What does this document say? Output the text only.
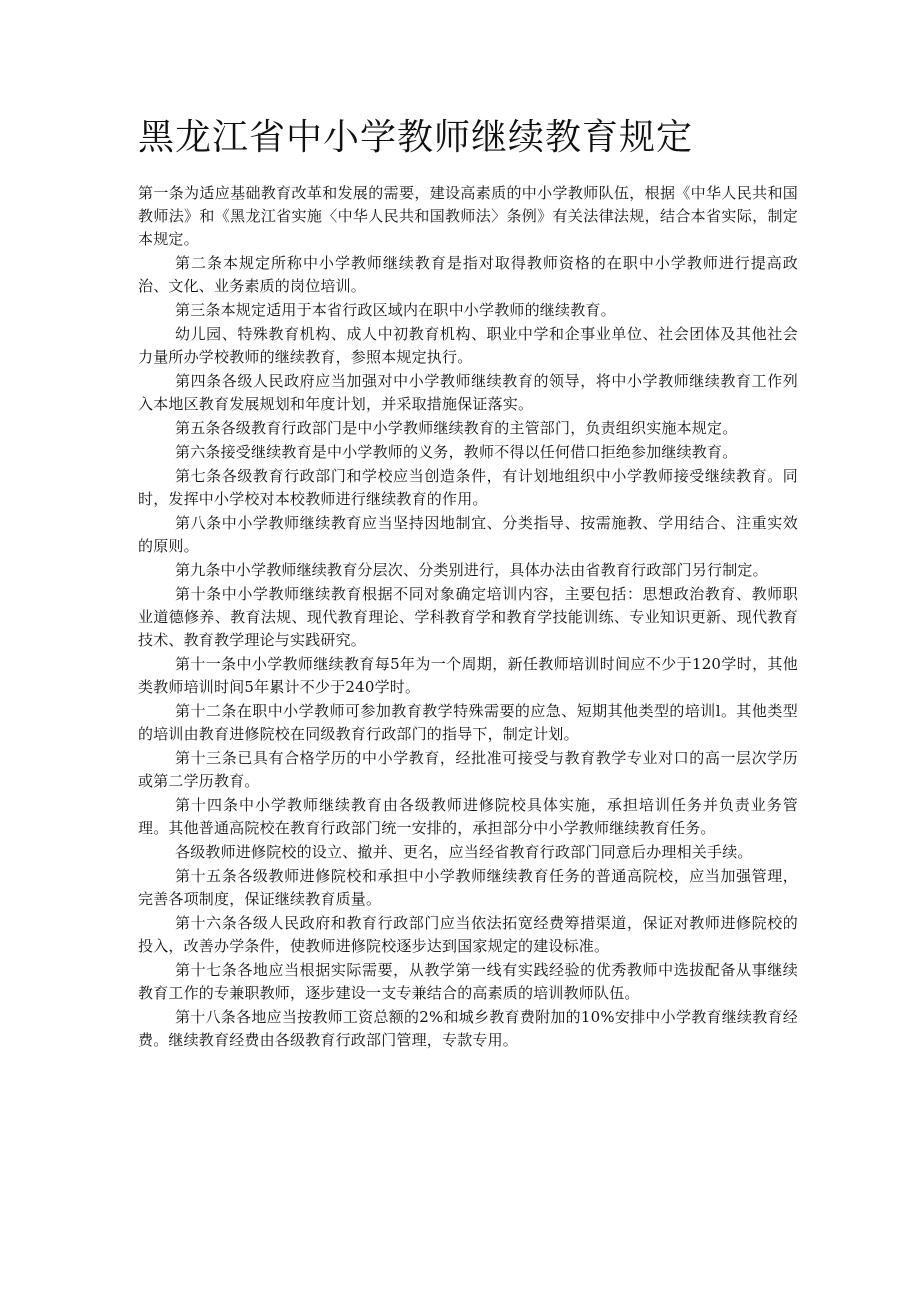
黑龙江省中小学教师继续教育规定

第一条为适应基础教育改革和发展的需要，建设高素质的中小学教师队伍，根据《中华人民共和国教师法》和《黑龙江省实施〈中华人民共和国教师法〉条例》有关法律法规，结合本省实际，制定本规定。

第二条本规定所称中小学教师继续教育是指对取得教师资格的在职中小学教师进行提高政治、文化、业务素质的岗位培训。

第三条本规定适用于本省行政区域内在职中小学教师的继续教育。

幼儿园、特殊教育机构、成人中初教育机构、职业中学和企事业单位、社会团体及其他社会力量所办学校教师的继续教育，参照本规定执行。

第四条各级人民政府应当加强对中小学教师继续教育的领导，将中小学教师继续教育工作列入本地区教育发展规划和年度计划，并采取措施保证落实。

第五条各级教育行政部门是中小学教师继续教育的主管部门，负责组织实施本规定。

第六条接受继续教育是中小学教师的义务，教师不得以任何借口拒绝参加继续教育。

第七条各级教育行政部门和学校应当创造条件，有计划地组织中小学教师接受继续教育。同时，发挥中小学校对本校教师进行继续教育的作用。

第八条中小学教师继续教育应当坚持因地制宜、分类指导、按需施教、学用结合、注重实效的原则。

第九条中小学教师继续教育分层次、分类别进行，具体办法由省教育行政部门另行制定。

第十条中小学教师继续教育根据不同对象确定培训内容，主要包括：思想政治教育、教师职业道德修养、教育法规、现代教育理论、学科教育学和教育学技能训练、专业知识更新、现代教育技术、教育教学理论与实践研究。

第十一条中小学教师继续教育每5年为一个周期，新任教师培训时间应不少于120学时，其他类教师培训时间5年累计不少于240学时。

第十二条在职中小学教师可参加教育教学特殊需要的应急、短期其他类型的培训l。其他类型的培训由教育进修院校在同级教育行政部门的指导下，制定计划。

第十三条已具有合格学历的中小学教育，经批准可接受与教育教学专业对口的高一层次学历或第二学历教育。

第十四条中小学教师继续教育由各级教师进修院校具体实施，承担培训任务并负责业务管理。其他普通高院校在教育行政部门统一安排的，承担部分中小学教师继续教育任务。

各级教师进修院校的设立、撤并、更名，应当经省教育行政部门同意后办理相关手续。

第十五条各级教师进修院校和承担中小学教师继续教育任务的普通高院校，应当加强管理，完善各项制度，保证继续教育质量。

第十六条各级人民政府和教育行政部门应当依法拓宽经费筹措渠道，保证对教师进修院校的投入，改善办学条件，使教师进修院校逐步达到国家规定的建设标准。

第十七条各地应当根据实际需要，从教学第一线有实践经验的优秀教师中选拔配备从事继续教育工作的专兼职教师，逐步建设一支专兼结合的高素质的培训教师队伍。

第十八条各地应当按教师工资总额的2%和城乡教育费附加的10%安排中小学教育继续教育经费。继续教育经费由各级教育行政部门管理，专款专用。
